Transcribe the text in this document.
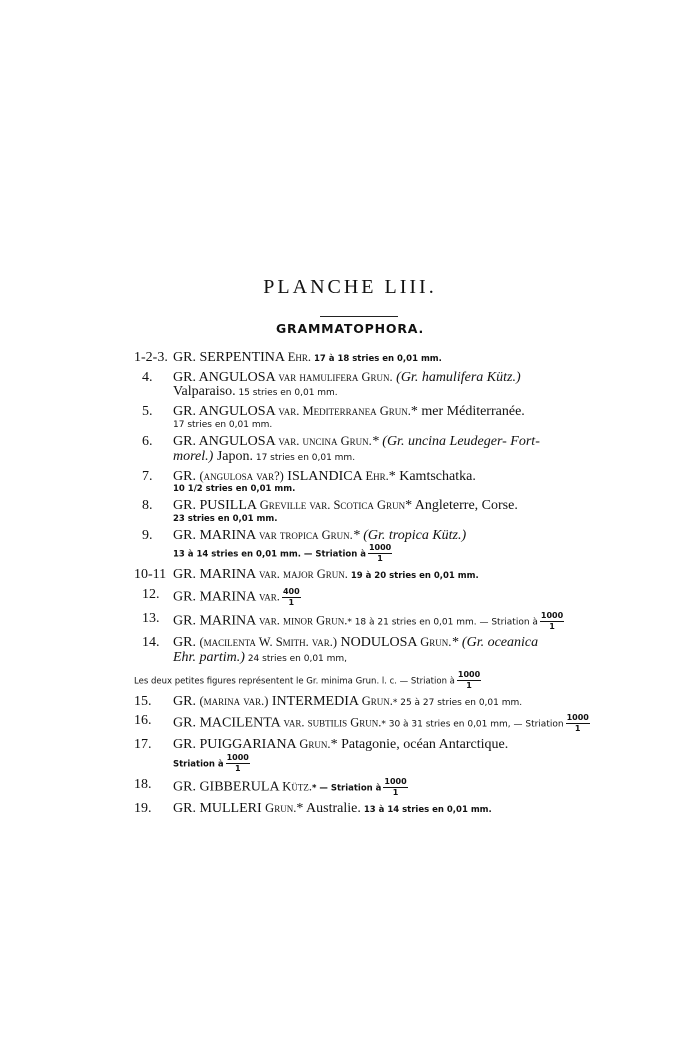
PLANCHE LIII.
GRAMMATOPHORA.
1-2-3. GR. SERPENTINA Ehr. 17 à 18 stries en 0,01 mm.
4.	GR. ANGULOSA var hamulifera Grun. (Gr. hamulifera Kütz.)
Valparaiso. 15 stries en 0,01 mm.
5.	GR. ANGULOSA var. Mediterranea Grun.* mer Méditerranée.
17 stries en 0,01 mm.
6.	GR. ANGULOSA var. uncina Grun.* (Gr. uncina Leudeger- Fort-
morel.) Japon. 17 stries en 0,01 mm.
7.	GR. (angulosa var?) ISLANDICA Ehr.* Kamtschatka.
10 1/2 stries en 0,01 mm.
8.	GR. PUSILLA Greville var. Scotica Grun* Angleterre, Corse.
23 stries en 0,01 mm.
9.	GR. MARINA var tropica Grun.* (Gr. tropica Kütz.)
13 à 14 stries en 0,01 mm. — Striation à $\frac{1000}{1}$
10-11 GR. MARINA var. major Grun. 19 à 20 stries en 0,01 mm.
12. GR. MARINA var. $\frac{400}{1}$
13. GR. MARINA var. minor Grun.* 18 à 21 stries en 0,01 mm. — Striation à $\frac{1000}{1}$
14. GR. (macilenta W. Smith. var.) NODULOSA Grun.* (Gr. oceanica
Ehr. partim.) 24 stries en 0,01 mm,
Les deux petites figures représentent le Gr. minima Grun. l. c. — Striation à $\frac{1000}{1}$
15.	GR. (marina var.) INTERMEDIA Grun.* 25 à 27 stries en 0,01 mm.
16.	GR. MACILENTA var. subtilis Grun.* 30 à 31 stries en 0,01 mm, — Striation $\frac{1000}{1}$
17.	GR. PUIGGARIANA Grun.* Patagonie, océan Antarctique.
Striation à $\frac{1000}{1}$
18.	GR. GIBBERULA Kütz.* — Striation à $\frac{1000}{1}$
19.	GR. MULLERI Grun.* Australie. 13 à 14 stries en 0,01 mm.
